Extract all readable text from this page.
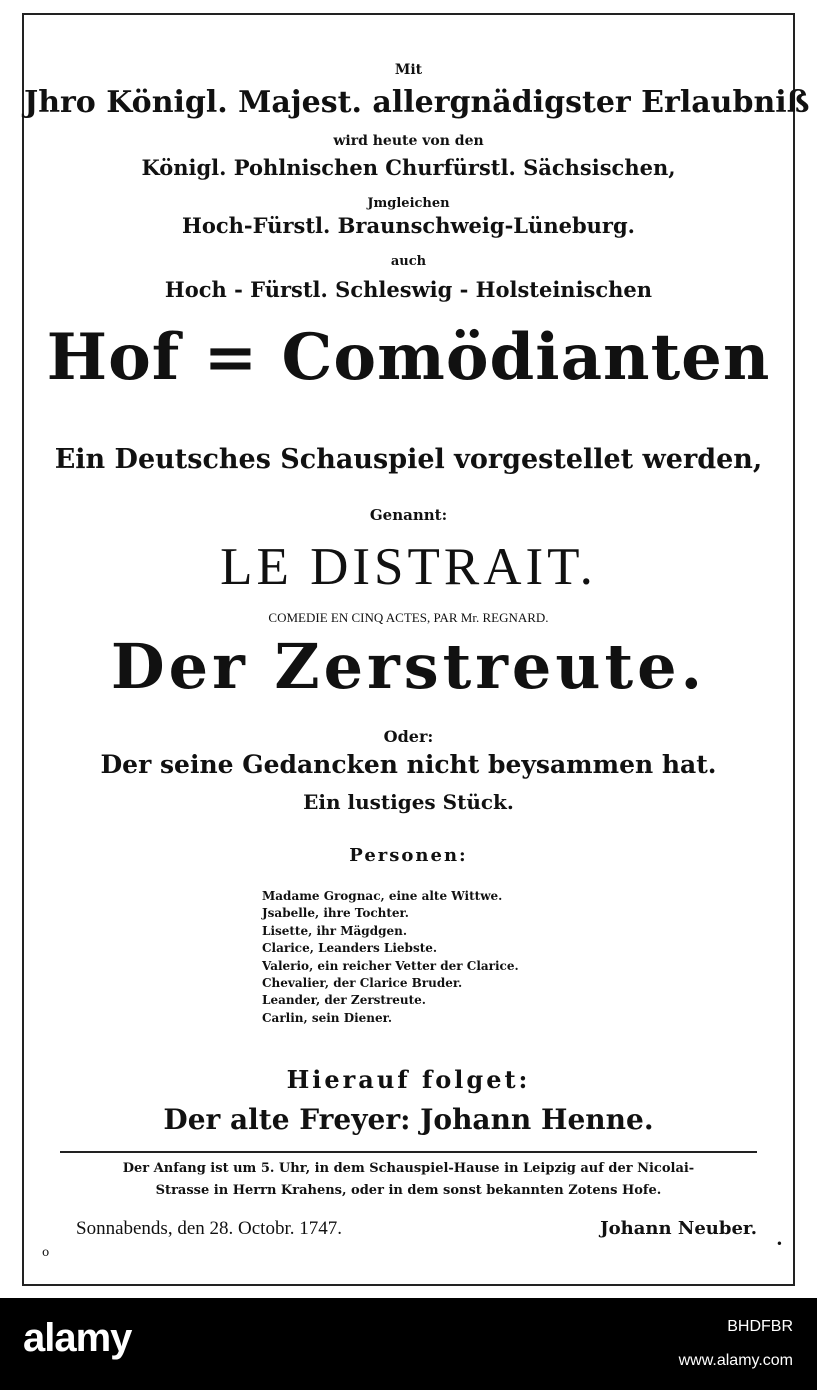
Mit
Jhro Königl. Majest. allergnädigster Erlaubniß
wird heute von den
Königl. Pohlnischen Churfürstl. Sächsischen,
Jmgleichen
Hoch-Fürstl. Braunschweig-Lüneburg.
auch
Hoch - Fürstl. Schleswig - Holsteinischen
Hof = Comödianten
Ein Deutsches Schauspiel vorgestellet werden,
Genannt:
LE DISTRAIT.
COMEDIE EN CINQ ACTES, PAR Mr. REGNARD.
Der Zerstreute.
Oder:
Der seine Gedancken nicht beysammen hat.
Ein lustiges Stück.
Personen:
Madame Grognac, eine alte Wittwe.
Jsabelle, ihre Tochter.
Lisette, ihr Mägdgen.
Clarice, Leanders Liebste.
Valerio, ein reicher Vetter der Clarice.
Chevalier, der Clarice Bruder.
Leander, der Zerstreute.
Carlin, sein Diener.
Hierauf folget:
Der alte Freyer: Johann Henne.
Der Anfang ist um 5. Uhr, in dem Schauspiel-Hause in Leipzig auf der Nicolai-
Strasse in Herrn Krahens, oder in dem sonst bekannten Zotens Hofe.
Sonnabends, den 28. Octobr. 1747.	Johann Neuber.
o
•
alamy	BHDFBR
www.alamy.com
